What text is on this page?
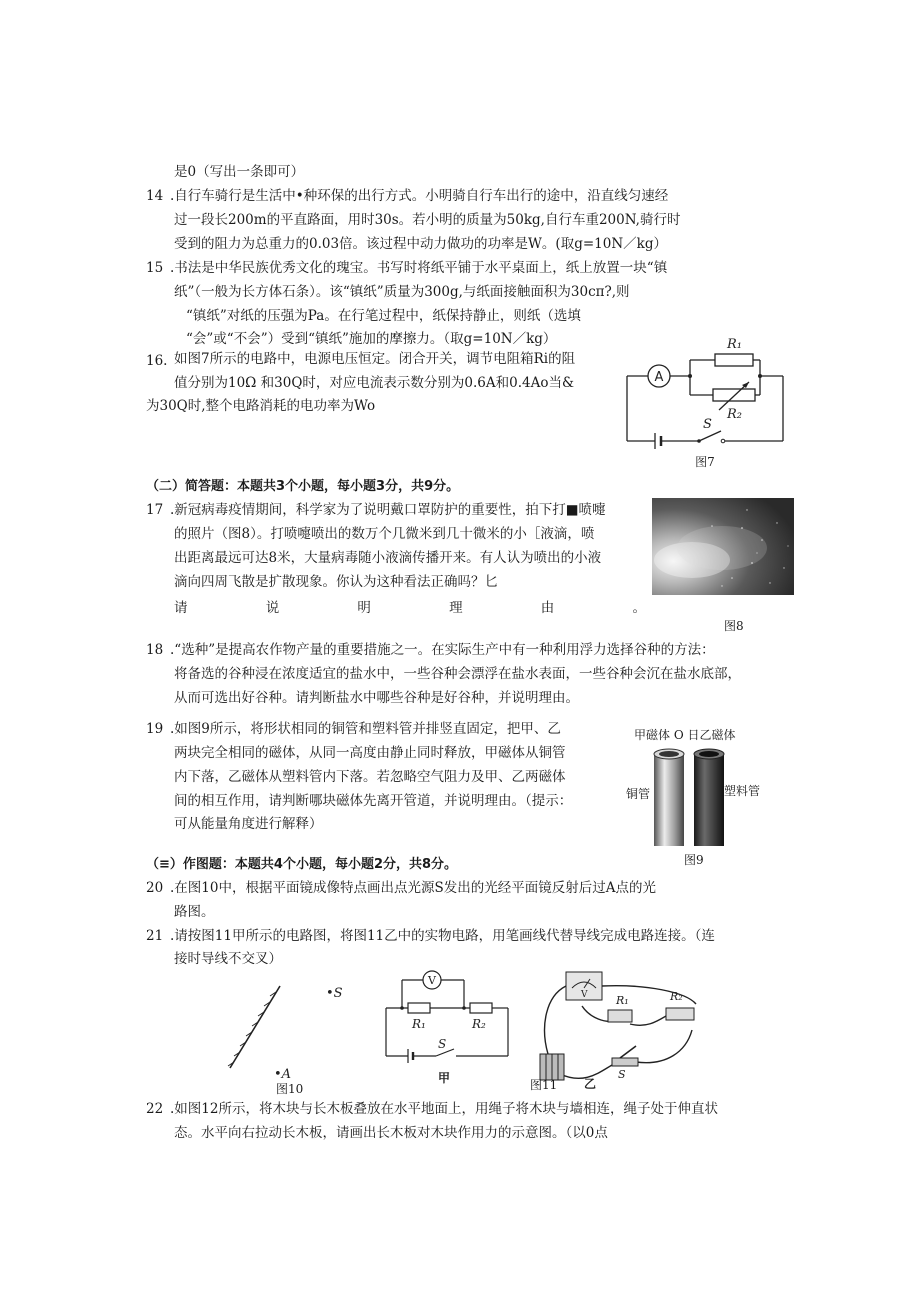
是0（写出一条即可）
14 .自行车骑行是生活中•种环保的出行方式。小明骑自行车出行的途中，沿直线匀速经
过一段长200m的平直路面，用时30s。若小明的质量为50kg,自行车重200N,骑行时
受到的阻力为总重力的0.03倍。该过程中动力做功的功率是W。(取g=10N／kg）
15 .书法是中华民族优秀文化的瑰宝。书写时将纸平铺于水平桌面上，纸上放置一块“镇
纸”（一般为长方体石条）。该“镇纸”质量为300g,与纸面接触面积为30cπ?,则
“镇纸”对纸的压强为Pa。在行笔过程中，纸保持静止，则纸（选填
“会”或“不会”）受到“镇纸”施加的摩擦力。（取g=10N／kg）
16. 如图7所示的电路中，电源电压恒定。闭合开关，调节电阻箱Ri的阻
值分别为10Ω 和30Q时，对应电流表示数分别为0.6A和0.4Ao当&
为30Q时,整个电路消耗的电功率为Wo
A
R₁
R₂
S
图7
（二）简答题：本题共3个小题，每小题3分，共9分。
17 .新冠病毒疫情期间，科学家为了说明戴口罩防护的重要性，拍下打■喷嚏
的照片（图8）。打喷嚏喷出的数万个几微米到几十微米的小［液滴，喷
出距离最远可达8米，大量病毒随小液滴传播开来。有人认为喷出的小液
滴向四周飞散是扩散现象。你认为这种看法正确吗？匕
请	说	明	理	由	。
图8
18 .“选种”是提高农作物产量的重要措施之一。在实际生产中有一种利用浮力选择谷种的方法：
将备选的谷种浸在浓度适宜的盐水中，一些谷种会漂浮在盐水表面，一些谷种会沉在盐水底部，
从而可选出好谷种。请判断盐水中哪些谷种是好谷种，并说明理由。
19 .如图9所示，将形状相同的铜管和塑料管并排竖直固定，把甲、乙
两块完全相同的磁体，从同一高度由静止同时释放，甲磁体从铜管
内下落，乙磁体从塑料管内下落。若忽略空气阻力及甲、乙两磁体
间的相互作用，请判断哪块磁体先离开管道，并说明理由。（提示：
可从能量角度进行解释）
甲磁体 O 日乙磁体
铜管	塑料管
图9
（≡）作图题：本题共4个小题，每小题2分，共8分。
20 .在图10中，根据平面镜成像特点画出点光源S发出的光经平面镜反射后过A点的光
路图。
21 .请按图11甲所示的电路图，将图11乙中的实物电路，用笔画线代替导线完成电路连接。（连
接时导线不交叉）
•S
•A
图10
V
R₁	R₂
S
甲
V	R₁	R₂
S
乙
图11
22 .如图12所示，将木块与长木板叠放在水平地面上，用绳子将木块与墙相连，绳子处于伸直状
态。水平向右拉动长木板，请画出长木板对木块作用力的示意图。（以0点
